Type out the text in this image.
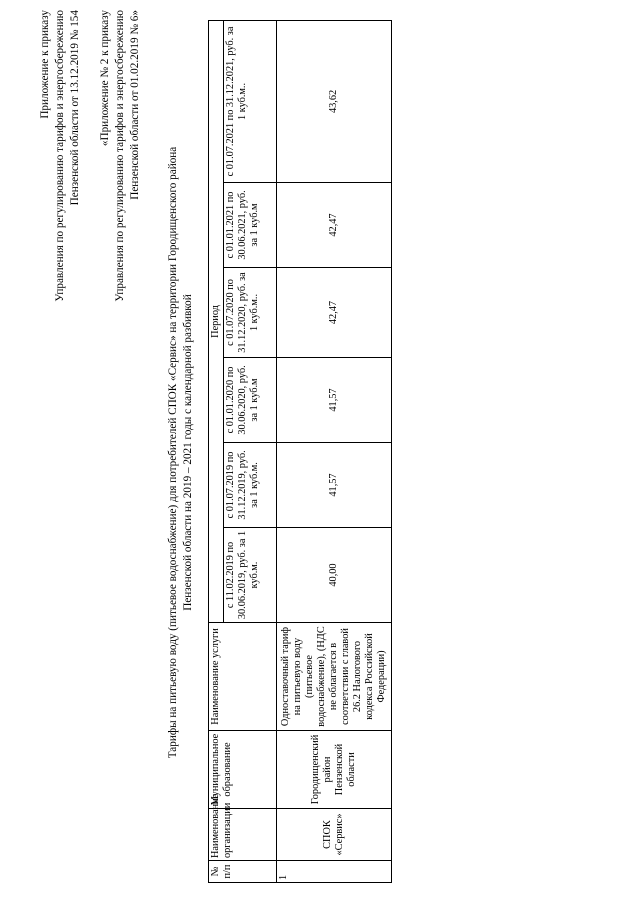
Приложение к приказу Управления по регулированию тарифов и энергосбережению Пензенской области от 13.12.2019 № 154 «Приложение № 2 к приказу Управления по регулированию тарифов и энергосбережению Пензенской области от 01.02.2019 № 6»
Тарифы на питьевую воду (питьевое водоснабжение) для потребителей СПОК «Сервис» на территории Городищенского района Пензенской области на 2019 – 2021 годы с календарной разбивкой
№ п/п	Наименование организации	Муниципальное образование	Наименование услуги	Период					
				с 11.02.2019 по 30.06.2019, руб. за 1 куб.м.	с 01.07.2019 по 31.12.2019, руб. за 1 куб.м.	с 01.01.2020 по 30.06.2020, руб. за 1 куб.м	с 01.07.2020 по 31.12.2020, руб. за 1 куб.м..	с 01.01.2021 по 30.06.2021, руб. за 1 куб.м	с 01.07.2021 по 31.12.2021, руб. за 1 куб.м..
1	СПОК «Сервис»	Городищенский район Пензенской области	Одноставочный тариф на питьевую воду (питьевое водоснабжение), (НДС не облагается в соответствии с главой 26.2 Налогового кодекса Российской Федерации)	40,00	41,57	41,57	42,47	42,47	43,62
